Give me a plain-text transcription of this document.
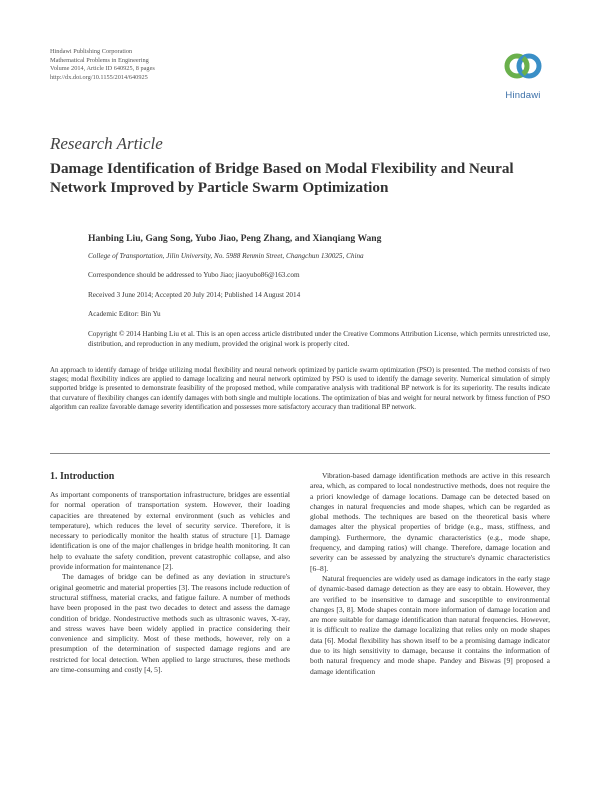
Hindawi Publishing Corporation
Mathematical Problems in Engineering
Volume 2014, Article ID 640925, 8 pages
http://dx.doi.org/10.1155/2014/640925
Hindawi
Research Article
Damage Identification of Bridge Based on Modal Flexibility and Neural Network Improved by Particle Swarm Optimization
Hanbing Liu, Gang Song, Yubo Jiao, Peng Zhang, and Xianqiang Wang
College of Transportation, Jilin University, No. 5988 Renmin Street, Changchun 130025, China
Correspondence should be addressed to Yubo Jiao; jiaoyubo86@163.com
Received 3 June 2014; Accepted 20 July 2014; Published 14 August 2014
Academic Editor: Bin Yu
Copyright © 2014 Hanbing Liu et al. This is an open access article distributed under the Creative Commons Attribution License, which permits unrestricted use, distribution, and reproduction in any medium, provided the original work is properly cited.
An approach to identify damage of bridge utilizing modal flexibility and neural network optimized by particle swarm optimization (PSO) is presented. The method consists of two stages; modal flexibility indices are applied to damage localizing and neural network optimized by PSO is used to identify the damage severity. Numerical simulation of simply supported bridge is presented to demonstrate feasibility of the proposed method, while comparative analysis with traditional BP network is for its superiority. The results indicate that curvature of flexibility changes can identify damages with both single and multiple locations. The optimization of bias and weight for neural network by fitness function of PSO algorithm can realize favorable damage severity identification and possesses more satisfactory accuracy than traditional BP network.
1. Introduction

As important components of transportation infrastructure, bridges are essential for normal operation of transportation system. However, their loading capacities are threatened by external environment (such as vehicles and temperature), which reduces the level of security service. Therefore, it is necessary to periodically monitor the health status of structure [1]. Damage identification is one of the major challenges in bridge health monitoring. It can help to evaluate the safety condition, prevent catastrophic collapse, and also provide information for maintenance [2].

The damages of bridge can be defined as any deviation in structure's original geometric and material properties [3]. The reasons include reduction of structural stiffness, material cracks, and fatigue failure. A number of methods have been proposed in the past two decades to detect and assess the damage condition of bridge. Nondestructive methods such as ultrasonic waves, X-ray, and stress waves have been widely applied in practice considering their convenience and simplicity. Most of these methods, however, rely on a presumption of the determination of suspected damage regions and are restricted for local detection. When applied to large structures, these methods are time-consuming and costly [4, 5].

Vibration-based damage identification methods are active in this research area, which, as compared to local nondestructive methods, does not require the a priori knowledge of damage locations. Damage can be detected based on changes in natural frequencies and mode shapes, which can be regarded as global methods. The techniques are based on the theoretical basis where damages alter the physical properties of bridge (e.g., mass, stiffness, and damping). Furthermore, the dynamic characteristics (e.g., mode shape, frequency, and damping ratios) will change. Therefore, damage location and severity can be assessed by analyzing the structure's dynamic characteristics [6–8].

Natural frequencies are widely used as damage indicators in the early stage of dynamic-based damage detection as they are easy to obtain. However, they are verified to be insensitive to damage and susceptible to environmental changes [3, 8]. Mode shapes contain more information of damage location and are more suitable for damage identification than natural frequencies. However, it is difficult to realize the damage localizing that relies only on mode shapes data [6]. Modal flexibility has shown itself to be a promising damage indicator due to its high sensitivity to damage, because it contains the information of both natural frequency and mode shape. Pandey and Biswas [9] proposed a damage identification
